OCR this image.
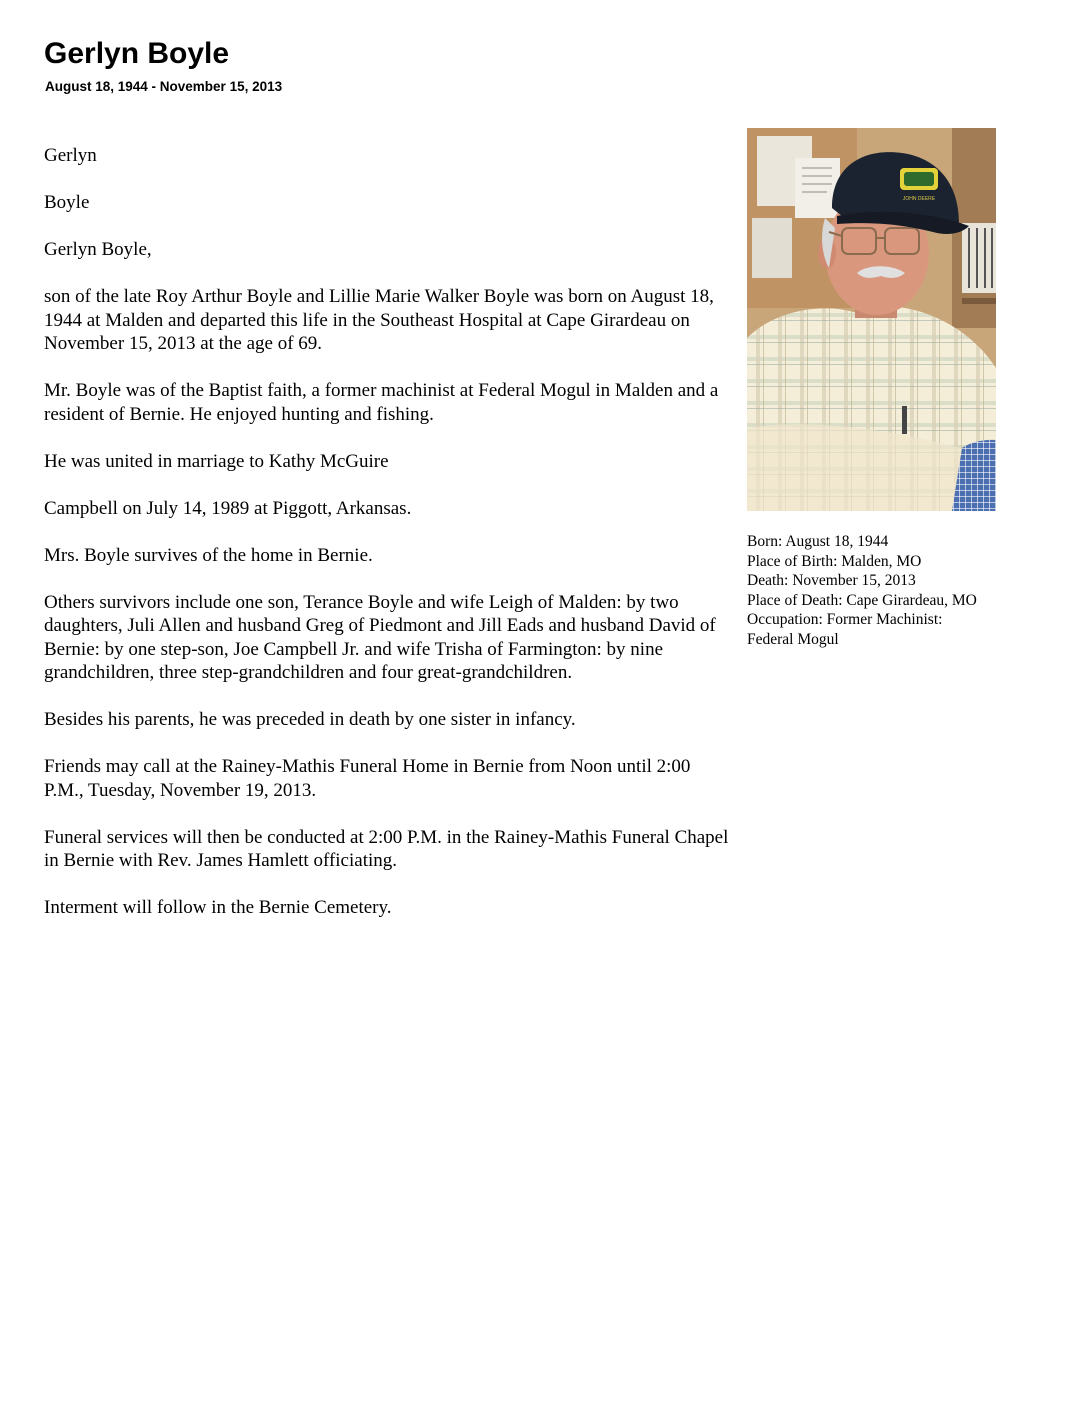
Gerlyn Boyle
August 18, 1944 - November 15, 2013

Gerlyn

Boyle

Gerlyn Boyle,

son of the late Roy Arthur Boyle and Lillie Marie Walker Boyle was born on August 18, 1944 at Malden and departed this life in the Southeast Hospital at Cape Girardeau on November 15, 2013 at the age of 69.

Mr. Boyle was of the Baptist faith, a former machinist at Federal Mogul in Malden and a resident of Bernie. He enjoyed hunting and fishing.

He was united in marriage to Kathy McGuire

Campbell on July 14, 1989 at Piggott, Arkansas.

Mrs. Boyle survives of the home in Bernie.

Others survivors include one son, Terance Boyle and wife Leigh of Malden: by two daughters, Juli Allen and husband Greg of Piedmont and Jill Eads and husband David of Bernie: by one step-son, Joe Campbell Jr. and wife Trisha of Farmington: by nine grandchildren, three step-grandchildren and four great-grandchildren.

Besides his parents, he was preceded in death by one sister in infancy.

Friends may call at the Rainey-Mathis Funeral Home in Bernie from Noon until 2:00 P.M., Tuesday, November 19, 2013.

Funeral services will then be conducted at 2:00 P.M. in the Rainey-Mathis Funeral Chapel in Bernie with Rev. James Hamlett officiating.

Interment will follow in the Bernie Cemetery.

JOHN DEERE
Born: August 18, 1944
Place of Birth: Malden, MO
Death: November 15, 2013
Place of Death: Cape Girardeau, MO
Occupation: Former Machinist:
Federal Mogul
